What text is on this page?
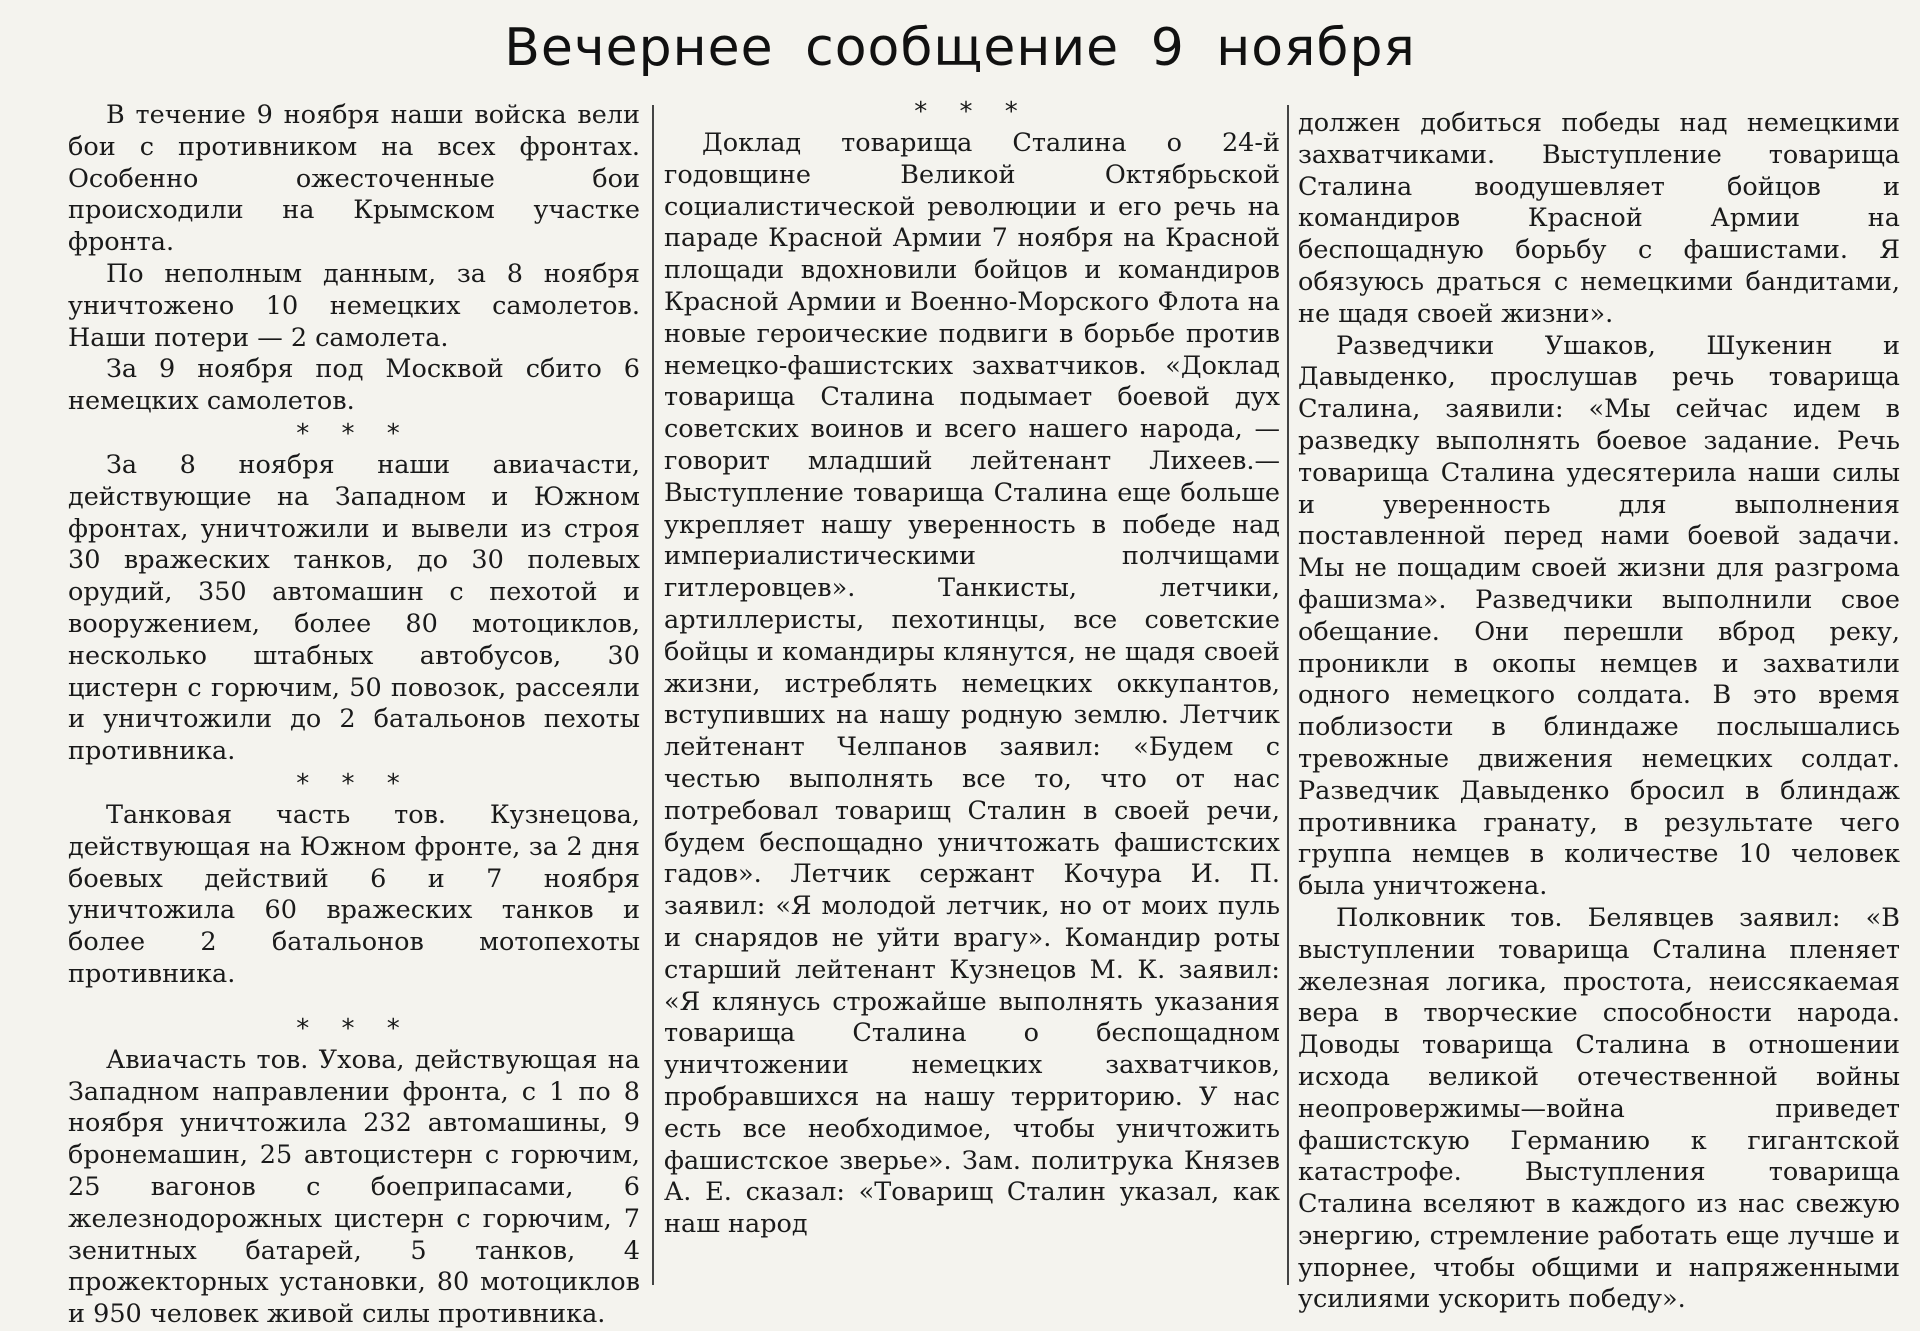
Вечернее сообщение 9 ноября

В течение 9 ноября наши войска вели бои с противником на всех фронтах. Особенно ожесточенные бои происходили на Крымском участке фронта.

По неполным данным, за 8 ноября уничтожено 10 немецких самолетов. Наши потери — 2 самолета.

За 9 ноября под Москвой сбито 6 немецких самолетов.

* * *

За 8 ноября наши авиачасти, действующие на Западном и Южном фронтах, уничтожили и вывели из строя 30 вражеских танков, до 30 полевых орудий, 350 автомашин с пехотой и вооружением, более 80 мотоциклов, несколько штабных автобусов, 30 цистерн с горючим, 50 повозок, рассеяли и уничтожили до 2 батальонов пехоты противника.

* * *

Танковая часть тов. Кузнецова, действующая на Южном фронте, за 2 дня боевых действий 6 и 7 ноября уничтожила 60 вражеских танков и более 2 батальонов мотопехоты противника.

* * *

Авиачасть тов. Ухова, действующая на Западном направлении фронта, с 1 по 8 ноября уничтожила 232 автомашины, 9 бронемашин, 25 автоцистерн с горючим, 25 вагонов с боеприпасами, 6 железнодорожных цистерн с горючим, 7 зенитных батарей, 5 танков, 4 прожекторных установки, 80 мотоциклов и 950 человек живой силы противника.

* * *

Доклад товарища Сталина о 24-й годовщине Великой Октябрьской социалистической революции и его речь на параде Красной Армии 7 ноября на Красной площади вдохновили бойцов и командиров Красной Армии и Военно-Морского Флота на новые героические подвиги в борьбе против немецко-фашистских захватчиков. «Доклад товарища Сталина подымает боевой дух советских воинов и всего нашего народа, — говорит младший лейтенант Лихеев.— Выступление товарища Сталина еще больше укрепляет нашу уверенность в победе над империалистическими полчищами гитлеровцев». Танкисты, летчики, артиллеристы, пехотинцы, все советские бойцы и командиры клянутся, не щадя своей жизни, истреблять немецких оккупантов, вступивших на нашу родную землю. Летчик лейтенант Челпанов заявил: «Будем с честью выполнять все то, что от нас потребовал товарищ Сталин в своей речи, будем беспощадно уничтожать фашистских гадов». Летчик сержант Кочура И. П. заявил: «Я молодой летчик, но от моих пуль и снарядов не уйти врагу». Командир роты старший лейтенант Кузнецов М. К. заявил: «Я клянусь строжайше выполнять указания товарища Сталина о беспощадном уничтожении немецких захватчиков, пробравшихся на нашу территорию. У нас есть все необходимое, чтобы уничтожить фашистское зверье». Зам. политрука Князев А. Е. сказал: «Товарищ Сталин указал, как наш народ

должен добиться победы над немецкими захватчиками. Выступление товарища Сталина воодушевляет бойцов и командиров Красной Армии на беспощадную борьбу с фашистами. Я обязуюсь драться с немецкими бандитами, не щадя своей жизни».

Разведчики Ушаков, Шукенин и Давыденко, прослушав речь товарища Сталина, заявили: «Мы сейчас идем в разведку выполнять боевое задание. Речь товарища Сталина удесятерила наши силы и уверенность для выполнения поставленной перед нами боевой задачи. Мы не пощадим своей жизни для разгрома фашизма». Разведчики выполнили свое обещание. Они перешли вброд реку, проникли в окопы немцев и захватили одного немецкого солдата. В это время поблизости в блиндаже послышались тревожные движения немецких солдат. Разведчик Давыденко бросил в блиндаж противника гранату, в результате чего группа немцев в количестве 10 человек была уничтожена.

Полковник тов. Белявцев заявил: «В выступлении товарища Сталина пленяет железная логика, простота, неиссякаемая вера в творческие способности народа. Доводы товарища Сталина в отношении исхода великой отечественной войны неопровержимы—война приведет фашистскую Германию к гигантской катастрофе. Выступления товарища Сталина вселяют в каждого из нас свежую энергию, стремление работать еще лучше и упорнее, чтобы общими и напряженными усилиями ускорить победу».
